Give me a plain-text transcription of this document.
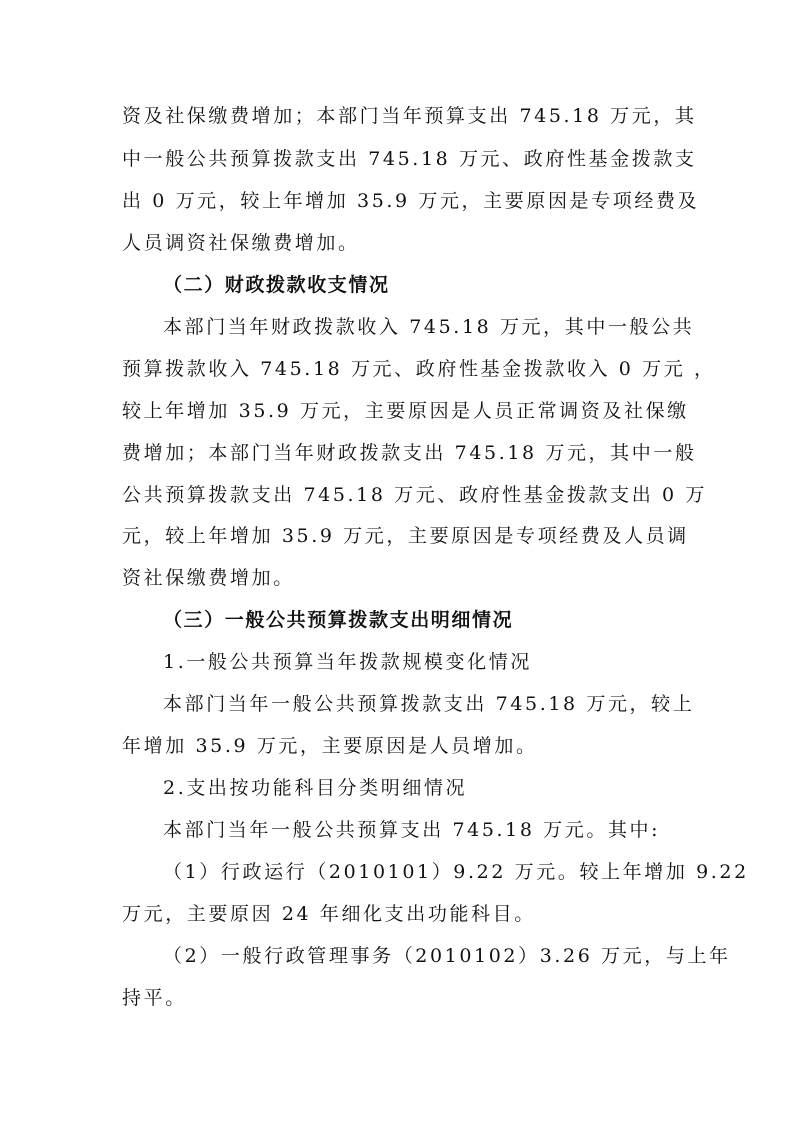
资及社保缴费增加；本部门当年预算支出 745.18 万元，其
中一般公共预算拨款支出 745.18 万元、政府性基金拨款支
出 0 万元，较上年增加 35.9 万元，主要原因是专项经费及
人员调资社保缴费增加。
（二）财政拨款收支情况
本部门当年财政拨款收入 745.18 万元，其中一般公共
预算拨款收入 745.18 万元、政府性基金拨款收入 0 万元 ，
较上年增加 35.9 万元，主要原因是人员正常调资及社保缴
费增加；本部门当年财政拨款支出 745.18 万元，其中一般
公共预算拨款支出 745.18 万元、政府性基金拨款支出 0 万
元，较上年增加 35.9 万元，主要原因是专项经费及人员调
资社保缴费增加。
（三）一般公共预算拨款支出明细情况
1.一般公共预算当年拨款规模变化情况
本部门当年一般公共预算拨款支出 745.18 万元，较上
年增加 35.9 万元，主要原因是人员增加。
2.支出按功能科目分类明细情况
本部门当年一般公共预算支出 745.18 万元。其中:
（1）行政运行（2010101）9.22 万元。较上年增加 9.22
万元，主要原因 24 年细化支出功能科目。
（2）一般行政管理事务（2010102）3.26 万元，与上年
持平。
